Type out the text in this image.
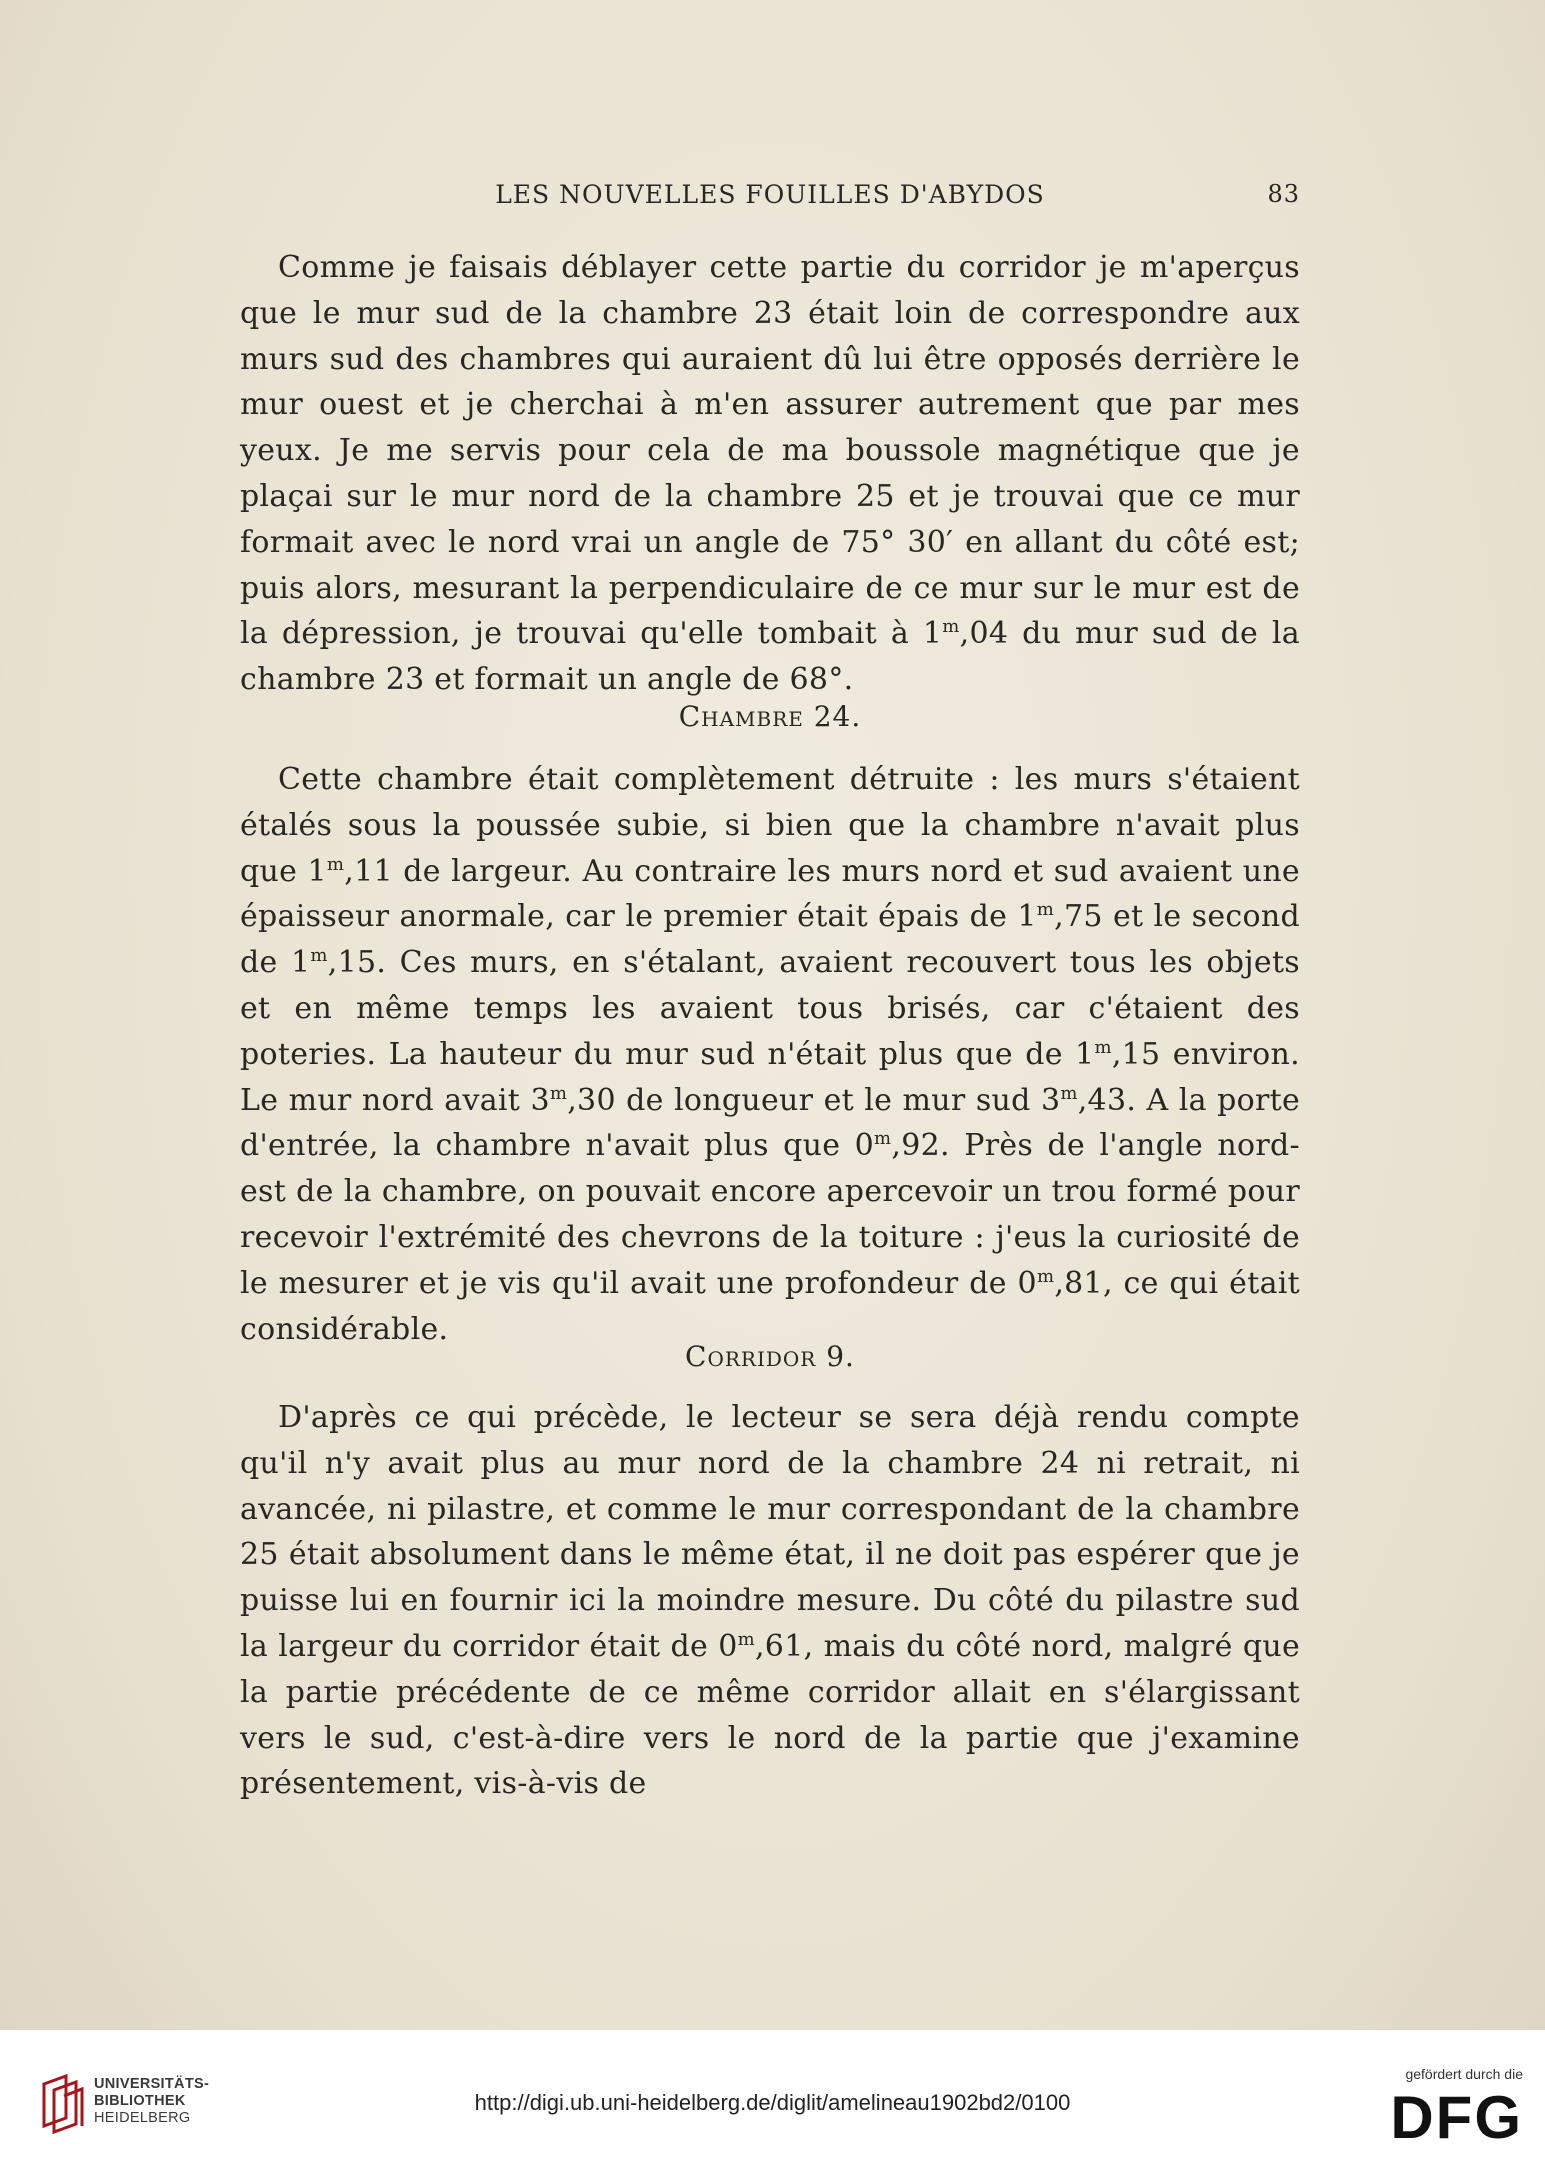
LES NOUVELLES FOUILLES D'ABYDOS	83

Comme je faisais déblayer cette partie du corridor je m'aperçus que le mur sud de la chambre 23 était loin de correspondre aux murs sud des chambres qui auraient dû lui être opposés derrière le mur ouest et je cherchai à m'en assurer autrement que par mes yeux. Je me servis pour cela de ma boussole magnétique que je plaçai sur le mur nord de la chambre 25 et je trouvai que ce mur formait avec le nord vrai un angle de 75° 30′ en allant du côté est; puis alors, mesurant la perpendiculaire de ce mur sur le mur est de la dépression, je trouvai qu'elle tombait à 1$^m$,04 du mur sud de la chambre 23 et formait un angle de 68°.

Chambre 24.

Cette chambre était complètement détruite : les murs s'étaient étalés sous la poussée subie, si bien que la chambre n'avait plus que 1$^m$,11 de largeur. Au contraire les murs nord et sud avaient une épaisseur anormale, car le premier était épais de 1$^m$,75 et le second de 1$^m$,15. Ces murs, en s'étalant, avaient recouvert tous les objets et en même temps les avaient tous brisés, car c'étaient des poteries. La hauteur du mur sud n'était plus que de 1$^m$,15 environ. Le mur nord avait 3$^m$,30 de longueur et le mur sud 3$^m$,43. A la porte d'entrée, la chambre n'avait plus que 0$^m$,92. Près de l'angle nord-est de la chambre, on pouvait encore apercevoir un trou formé pour recevoir l'extrémité des chevrons de la toiture : j'eus la curiosité de le mesurer et je vis qu'il avait une profondeur de 0$^m$,81, ce qui était considérable.

Corridor 9.

D'après ce qui précède, le lecteur se sera déjà rendu compte qu'il n'y avait plus au mur nord de la chambre 24 ni retrait, ni avancée, ni pilastre, et comme le mur correspondant de la chambre 25 était absolument dans le même état, il ne doit pas espérer que je puisse lui en fournir ici la moindre mesure. Du côté du pilastre sud la largeur du corridor était de 0$^m$,61, mais du côté nord, malgré que la partie précédente de ce même corridor allait en s'élargissant vers le sud, c'est-à-dire vers le nord de la partie que j'examine présentement, vis-à-vis de

UNIVERSITÄTS-
BIBLIOTHEK
HEIDELBERG
http://digi.ub.uni-heidelberg.de/diglit/amelineau1902bd2/0100
gefördert durch die
DFG
